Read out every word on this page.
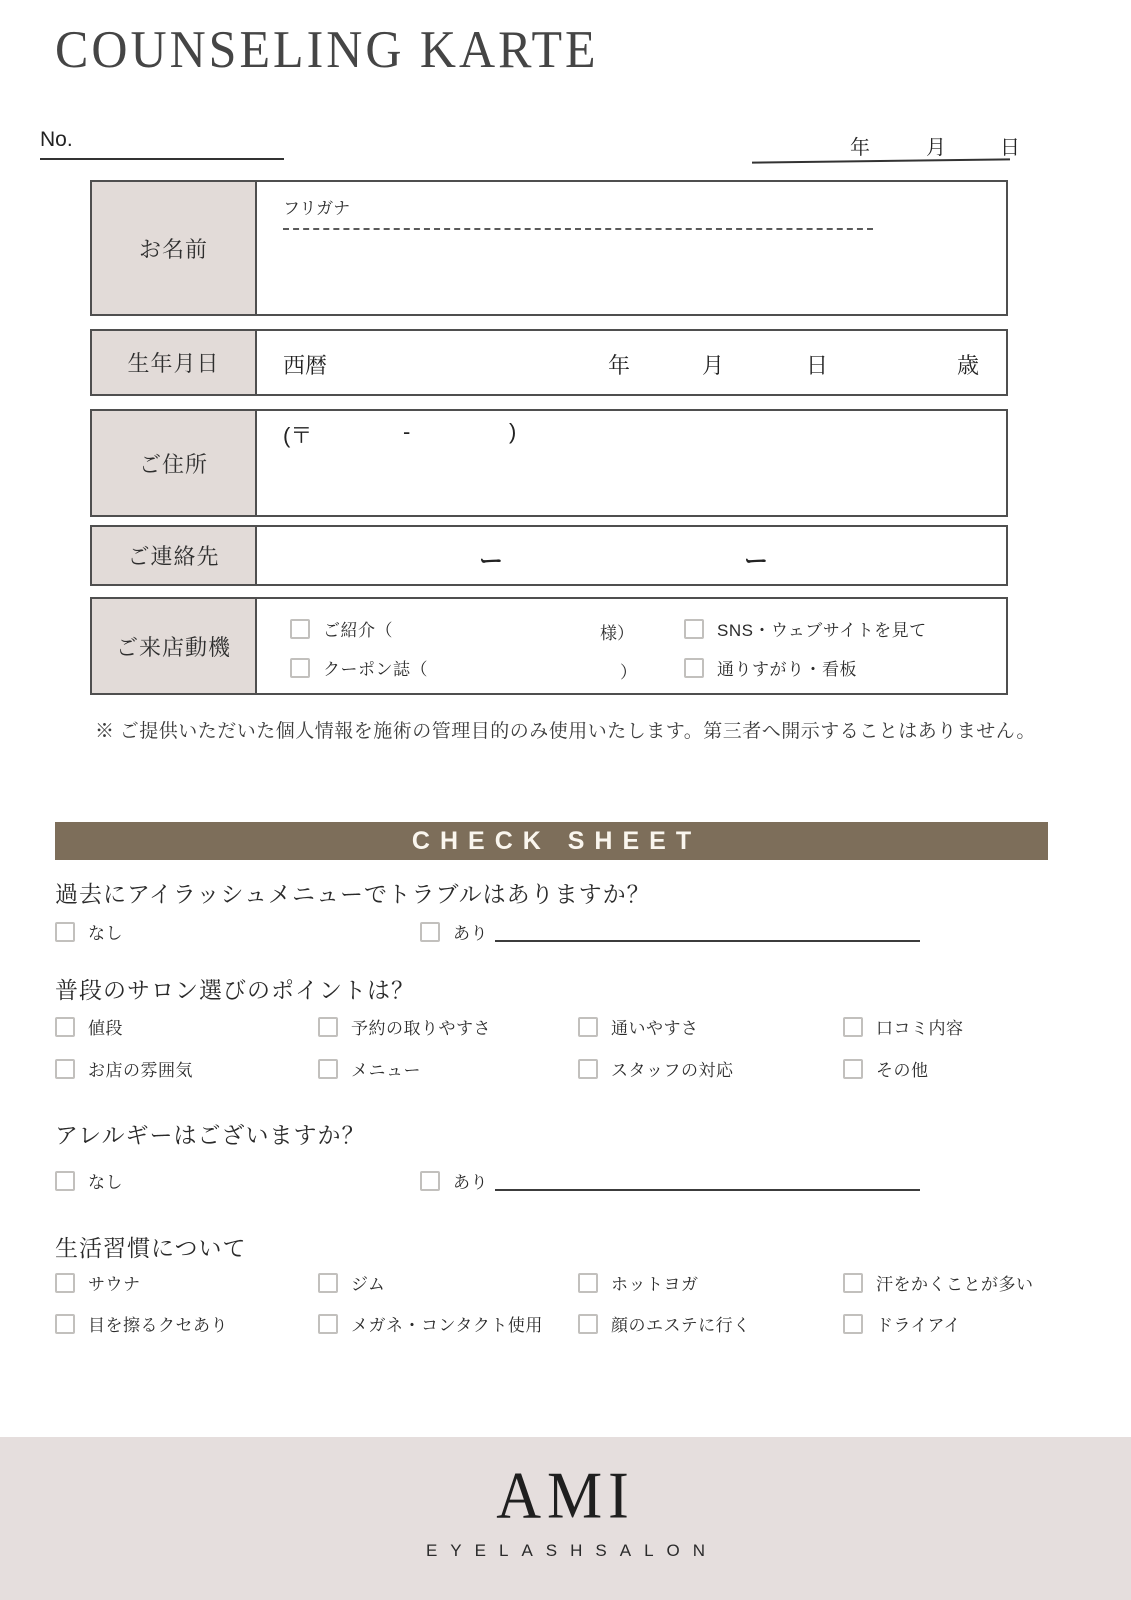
COUNSELING KARTE
No.	年	月	日
お名前
フリガナ
生年月日	西暦	年	月	日	歳
ご住所
(〒	-	)
ご連絡先	ー	ー
ご来店動機
ご紹介（	様）	SNS・ウェブサイトを見て
クーポン誌（	）	通りすがり・看板
※ ご提供いただいた個人情報を施術の管理目的のみ使用いたします。第三者へ開示することはありません。
CHECK SHEET
過去にアイラッシュメニューでトラブルはありますか？
なし	あり
普段のサロン選びのポイントは？
値段	予約の取りやすさ	通いやすさ	口コミ内容
お店の雰囲気	メニュー	スタッフの対応	その他
アレルギーはございますか？
なし	あり
生活習慣について
サウナ	ジム	ホットヨガ	汗をかくことが多い
目を擦るクセあり	メガネ・コンタクト使用	顔のエステに行く	ドライアイ
AMI
EYELASHSALON
